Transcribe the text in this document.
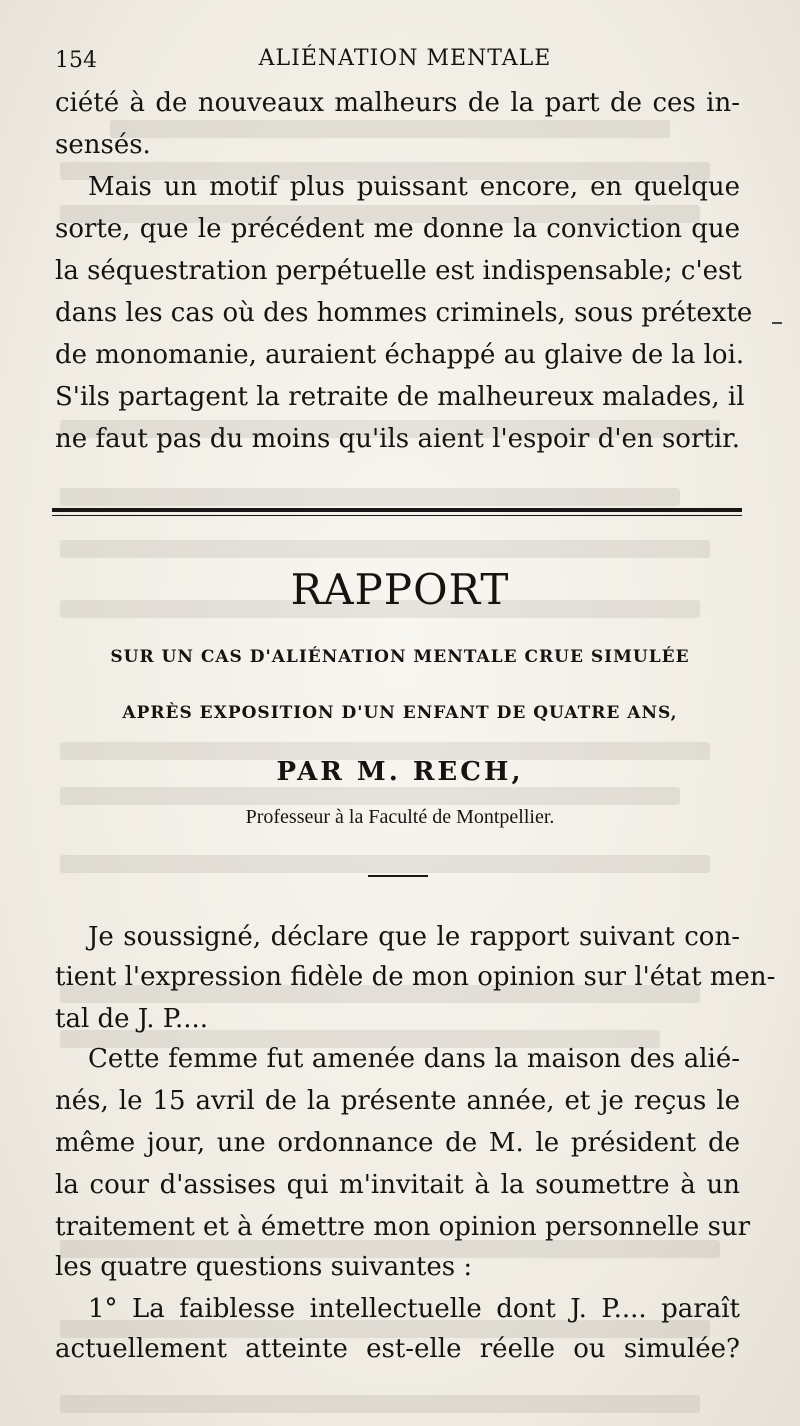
154	ALIÉNATION MENTALE
ciété à de nouveaux malheurs de la part de ces in-
sensés.
Mais un motif plus puissant encore, en quelque
sorte, que le précédent me donne la conviction que
la séquestration perpétuelle est indispensable; c'est
dans les cas où des hommes criminels, sous prétexte
de monomanie, auraient échappé au glaive de la loi.
S'ils partagent la retraite de malheureux malades, il
ne faut pas du moins qu'ils aient l'espoir d'en sortir.
RAPPORT
SUR UN CAS D'ALIÉNATION MENTALE CRUE SIMULÉE
APRÈS EXPOSITION D'UN ENFANT DE QUATRE ANS,
PAR M. RECH,
Professeur à la Faculté de Montpellier.
Je soussigné, déclare que le rapport suivant con-
tient l'expression fidèle de mon opinion sur l'état men-
tal de J. P....
Cette femme fut amenée dans la maison des alié-
nés, le 15 avril de la présente année, et je reçus le
même jour, une ordonnance de M. le président de
la cour d'assises qui m'invitait à la soumettre à un
traitement et à émettre mon opinion personnelle sur
les quatre questions suivantes :
1° La faiblesse intellectuelle dont J. P.... paraît
actuellement atteinte est-elle réelle ou simulée?
